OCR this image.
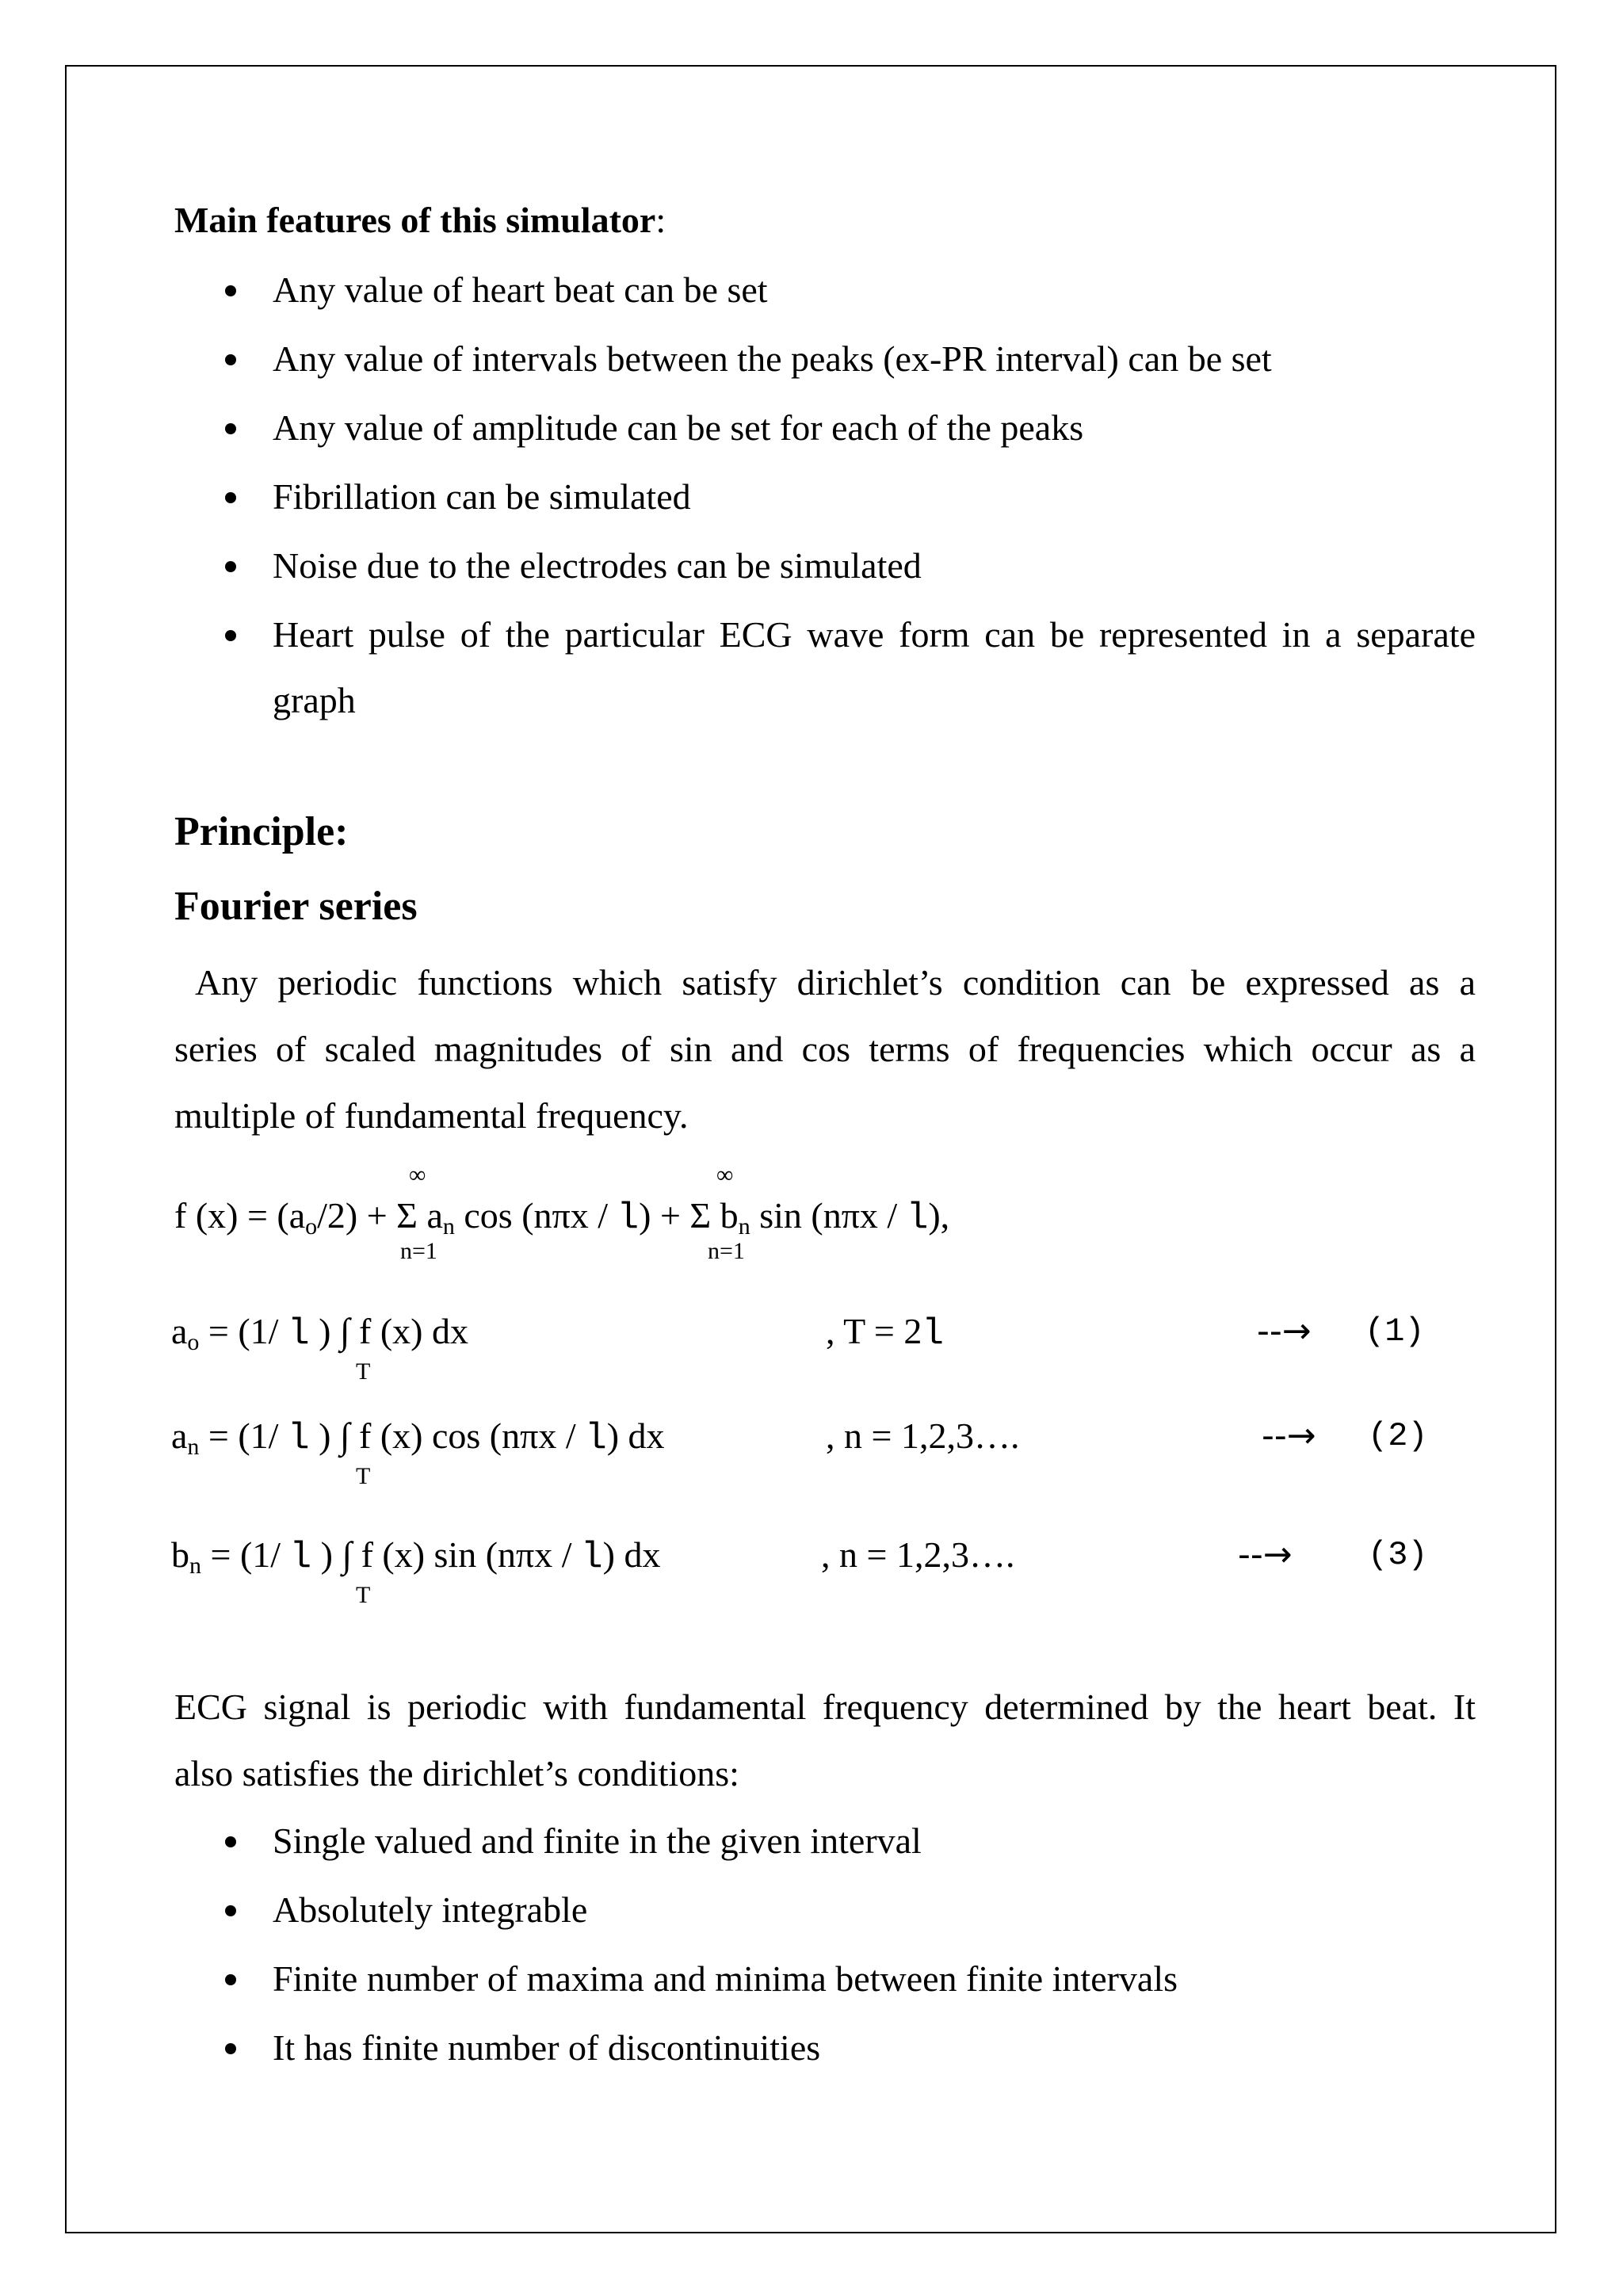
Main features of this simulator:
Any value of heart beat can be set
Any value of intervals between the peaks (ex-PR interval) can be set
Any value of amplitude can be set for each of the peaks
Fibrillation can be simulated
Noise due to the electrodes can be simulated
Heart pulse of the particular ECG wave form can be represented in a separate
graph
Principle:
Fourier series
Any periodic functions which satisfy dirichlet’s condition can be expressed as a
series of scaled magnitudes of sin and cos terms of frequencies which occur as a
multiple of fundamental frequency.
∞	∞
f $(x) = (a_o/2) + \Sigma$ $a_n$ cos (nπx / l) + Σ $b_n$ sin (nπx / l),
n=1	n=1
$a_o = (1/$ l ) ∫ f (x) dx
T
, T = 2l	--→ (1)
$a_n = (1/$ l ) ∫ f (x) cos (nπx / l) dx
T
, n = 1,2,3….	--→ (2)
$b_n = (1/$ l ) ∫ f (x) sin (nπx / l) dx
T
, n = 1,2,3….	--→ (3)
ECG signal is periodic with fundamental frequency determined by the heart beat. It
also satisfies the dirichlet’s conditions:
Single valued and finite in the given interval
Absolutely integrable
Finite number of maxima and minima between finite intervals
It has finite number of discontinuities
